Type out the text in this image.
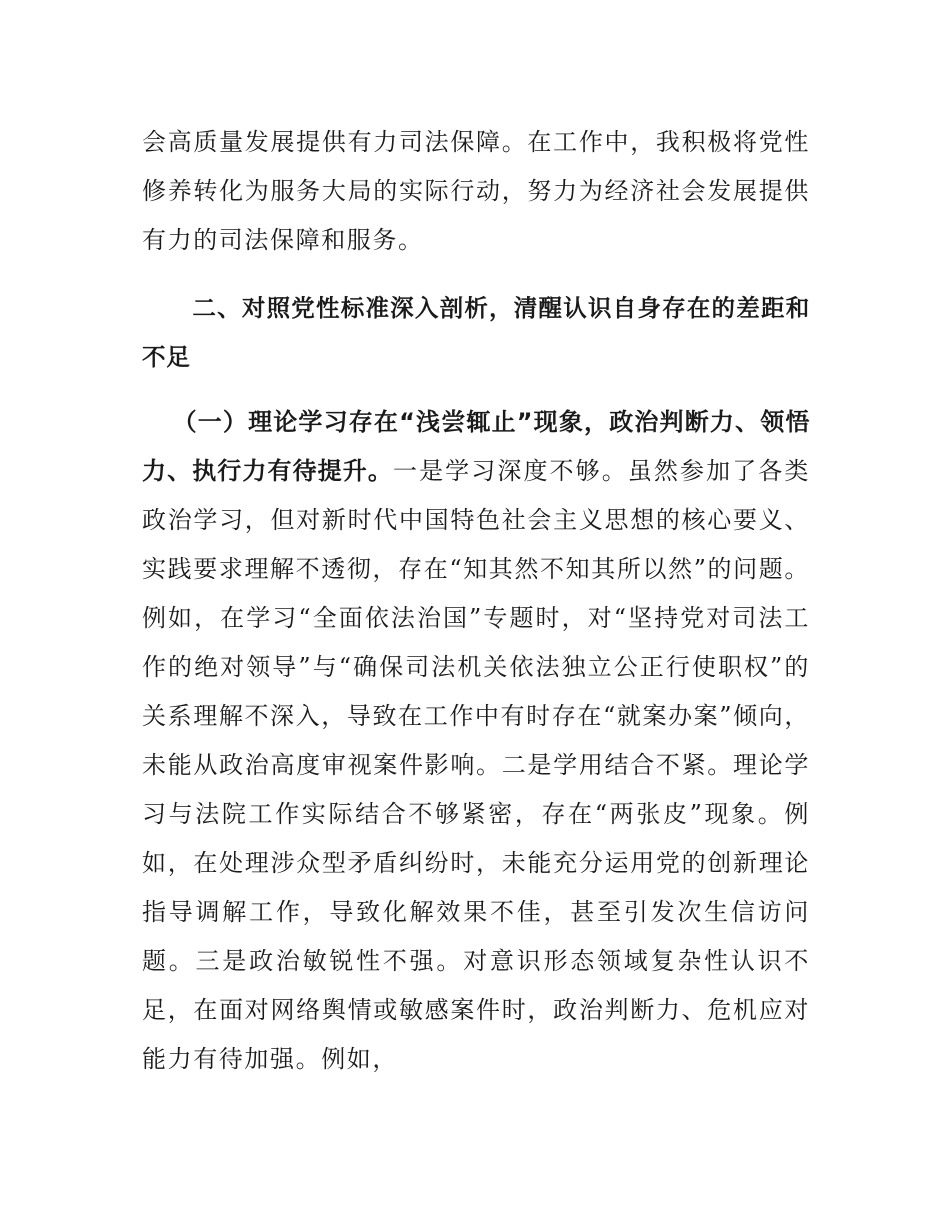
会高质量发展提供有力司法保障。在工作中，我积极将党性修养转化为服务大局的实际行动，努力为经济社会发展提供有力的司法保障和服务。
二、对照党性标准深入剖析，清醒认识自身存在的差距和不足
（一）理论学习存在“浅尝辄止”现象，政治判断力、领悟力、执行力有待提升。一是学习深度不够。虽然参加了各类政治学习，但对新时代中国特色社会主义思想的核心要义、实践要求理解不透彻，存在“知其然不知其所以然”的问题。例如，在学习“全面依法治国”专题时，对“坚持党对司法工作的绝对领导”与“确保司法机关依法独立公正行使职权”的关系理解不深入，导致在工作中有时存在“就案办案”倾向，未能从政治高度审视案件影响。二是学用结合不紧。理论学习与法院工作实际结合不够紧密，存在“两张皮”现象。例如，在处理涉众型矛盾纠纷时，未能充分运用党的创新理论指导调解工作，导致化解效果不佳，甚至引发次生信访问题。三是政治敏锐性不强。对意识形态领域复杂性认识不足，在面对网络舆情或敏感案件时，政治判断力、危机应对能力有待加强。例如，
